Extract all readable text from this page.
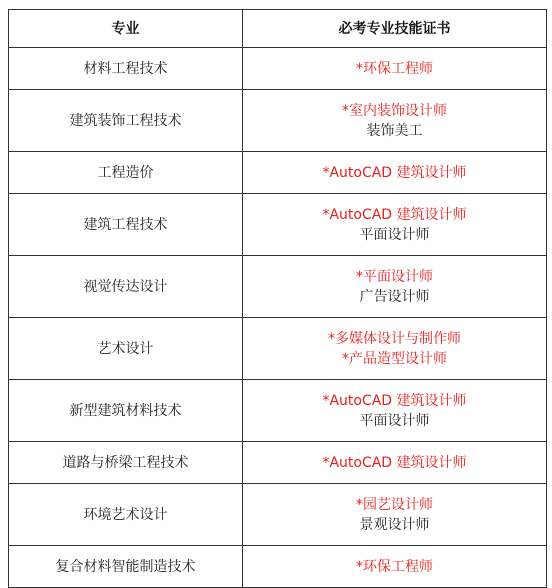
专业	必考专业技能证书
材料工程技术	*环保工程师

建筑装饰工程技术	*室内装饰设计师
装饰美工

工程造价	*AutoCAD 建筑设计师

建筑工程技术	*AutoCAD 建筑设计师
平面设计师

视觉传达设计	*平面设计师
广告设计师

艺术设计	*多媒体设计与制作师
*产品造型设计师

新型建筑材料技术	*AutoCAD 建筑设计师
平面设计师

道路与桥梁工程技术	*AutoCAD 建筑设计师

环境艺术设计	*园艺设计师
景观设计师

复合材料智能制造技术	*环保工程师
